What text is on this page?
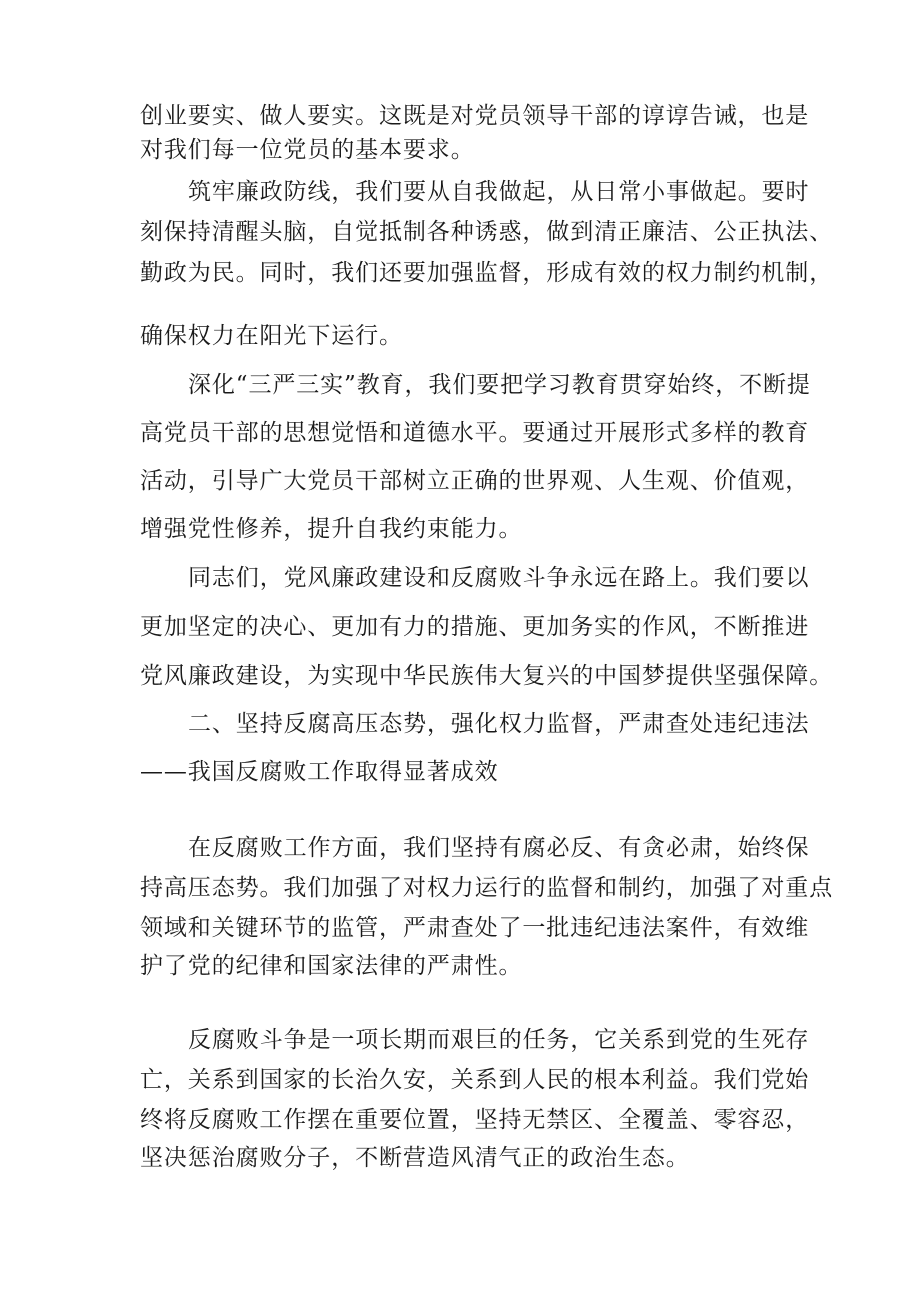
创业要实、做人要实。这既是对党员领导干部的谆谆告诫，也是
对我们每一位党员的基本要求。
筑牢廉政防线，我们要从自我做起，从日常小事做起。要时
刻保持清醒头脑，自觉抵制各种诱惑，做到清正廉洁、公正执法、
勤政为民。同时，我们还要加强监督，形成有效的权力制约机制，
确保权力在阳光下运行。
深化“三严三实”教育，我们要把学习教育贯穿始终，不断提
高党员干部的思想觉悟和道德水平。要通过开展形式多样的教育
活动，引导广大党员干部树立正确的世界观、人生观、价值观，
增强党性修养，提升自我约束能力。
同志们，党风廉政建设和反腐败斗争永远在路上。我们要以
更加坚定的决心、更加有力的措施、更加务实的作风，不断推进
党风廉政建设，为实现中华民族伟大复兴的中国梦提供坚强保障。
二、坚持反腐高压态势，强化权力监督，严肃查处违纪违法
——我国反腐败工作取得显著成效
在反腐败工作方面，我们坚持有腐必反、有贪必肃，始终保
持高压态势。我们加强了对权力运行的监督和制约，加强了对重点
领域和关键环节的监管，严肃查处了一批违纪违法案件，有效维
护了党的纪律和国家法律的严肃性。
反腐败斗争是一项长期而艰巨的任务，它关系到党的生死存
亡，关系到国家的长治久安，关系到人民的根本利益。我们党始
终将反腐败工作摆在重要位置，坚持无禁区、全覆盖、零容忍，
坚决惩治腐败分子，不断营造风清气正的政治生态。
